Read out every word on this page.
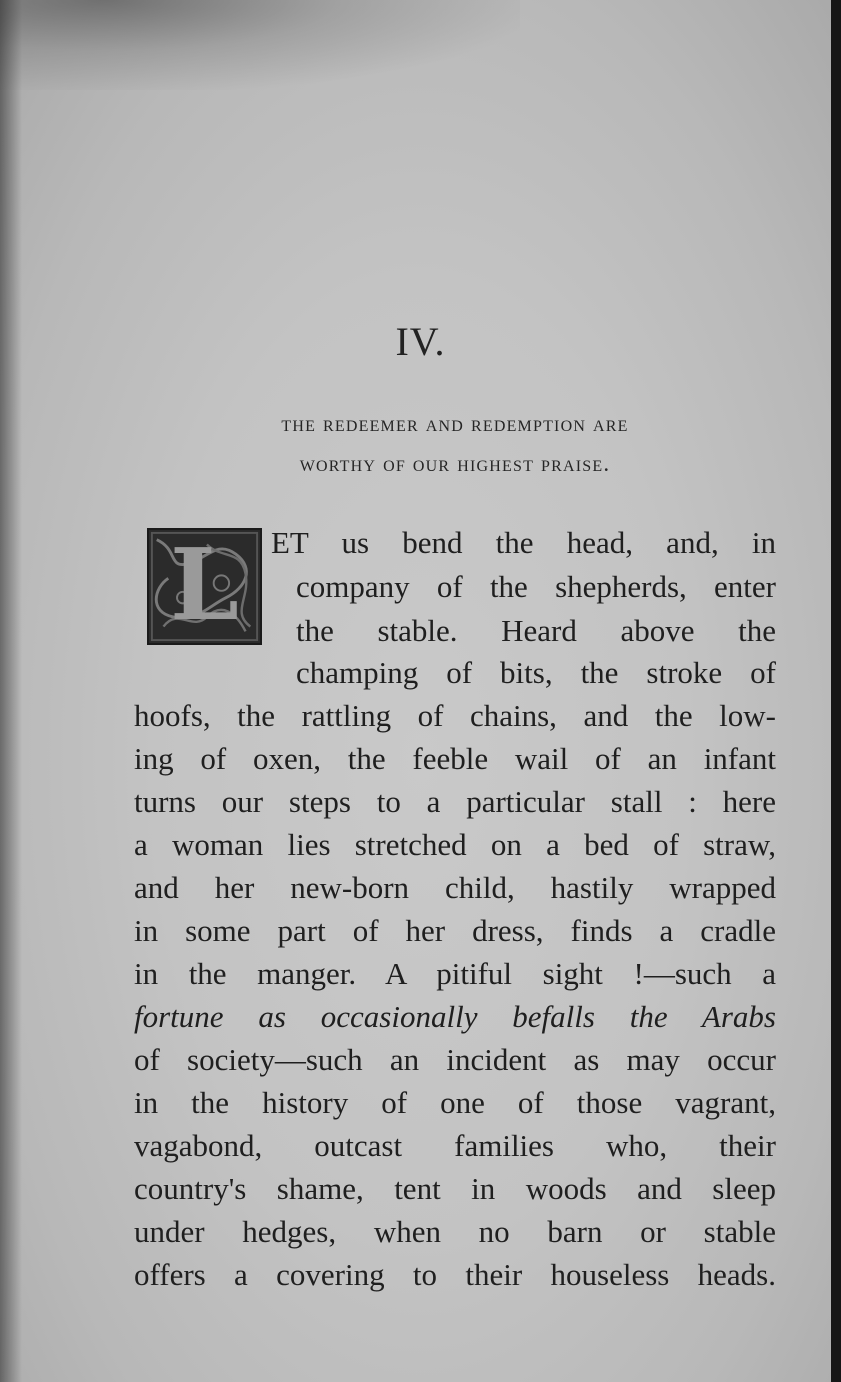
IV.
the redeemer and redemption are
worthy of our highest praise.
L	ET us bend the head, and, in
company of the shepherds, enter
the stable. Heard above the
champing of bits, the stroke of
hoofs, the rattling of chains, and the low-
ing of oxen, the feeble wail of an infant
turns our steps to a particular stall : here
a woman lies stretched on a bed of straw,
and her new-born child, hastily wrapped
in some part of her dress, finds a cradle
in the manger. A pitiful sight !—such a
fortune as occasionally befalls the Arabs
of society—such an incident as may occur
in the history of one of those vagrant,
vagabond, outcast families who, their
country's shame, tent in woods and sleep
under hedges, when no barn or stable
offers a covering to their houseless heads.
